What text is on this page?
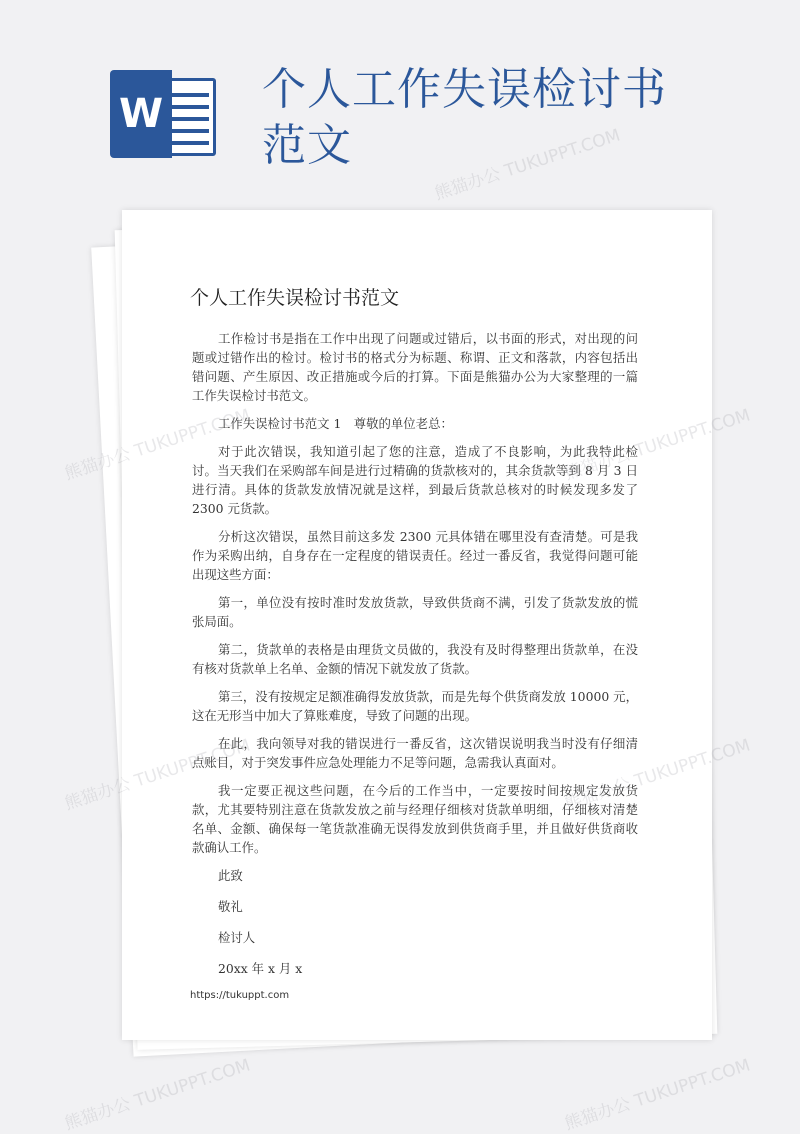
W 个人工作失误检讨书范文
个人工作失误检讨书范文

工作检讨书是指在工作中出现了问题或过错后，以书面的形式，对出现的问题或过错作出的检讨。检讨书的格式分为标题、称谓、正文和落款，内容包括出错问题、产生原因、改正措施或今后的打算。下面是熊猫办公为大家整理的一篇工作失误检讨书范文。

工作失误检讨书范文 1　尊敬的单位老总：

对于此次错误，我知道引起了您的注意，造成了不良影响，为此我特此检讨。当天我们在采购部车间是进行过精确的货款核对的，其余货款等到 8 月 3 日进行清。具体的货款发放情况就是这样，到最后货款总核对的时候发现多发了 2300 元货款。

分析这次错误，虽然目前这多发 2300 元具体错在哪里没有查清楚。可是我作为采购出纳，自身存在一定程度的错误责任。经过一番反省，我觉得问题可能出现这些方面：

第一，单位没有按时准时发放货款，导致供货商不满，引发了货款发放的慌张局面。

第二，货款单的表格是由理货文员做的，我没有及时得整理出货款单，在没有核对货款单上名单、金额的情况下就发放了货款。

第三，没有按规定足额准确得发放货款，而是先每个供货商发放 10000 元，这在无形当中加大了算账难度，导致了问题的出现。

在此，我向领导对我的错误进行一番反省，这次错误说明我当时没有仔细清点账目，对于突发事件应急处理能力不足等问题，急需我认真面对。

我一定要正视这些问题，在今后的工作当中，一定要按时间按规定发放货款，尤其要特别注意在货款发放之前与经理仔细核对货款单明细，仔细核对清楚名单、金额、确保每一笔货款准确无误得发放到供货商手里，并且做好供货商收款确认工作。

此致

敬礼

检讨人

20xx 年 x 月 x

https://tukuppt.com
熊猫办公 TUKUPPT.COM
熊猫办公 TUKUPPT.COM
熊猫办公 TUKUPPT.COM
熊猫办公 TUKUPPT.COM	熊猫办公 TUKUPPT.COM
熊猫办公 TUKUPPT.COM	熊猫办公 TUKUPPT.COM
